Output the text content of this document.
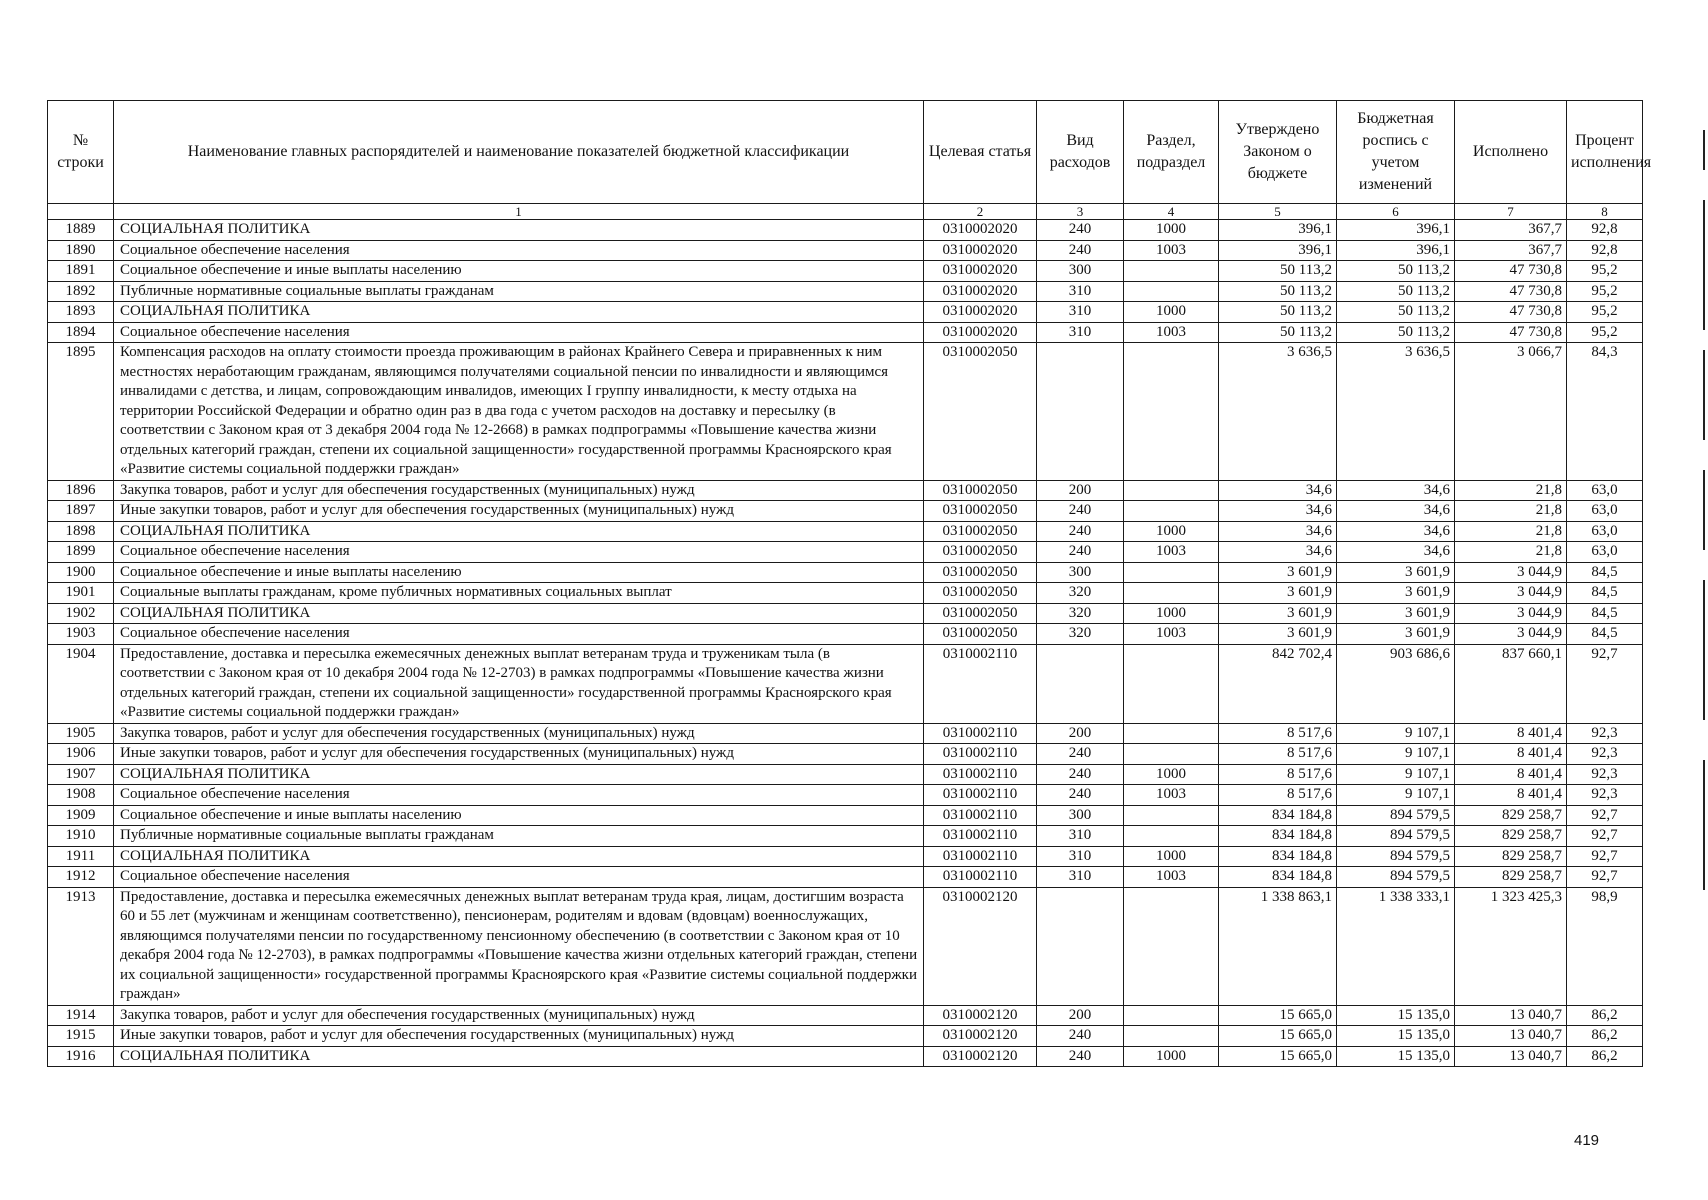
№ строки	Наименование главных распорядителей и наименование показателей бюджетной классификации	Целевая статья	Вид расходов	Раздел, подраздел	Утверждено Законом о бюджете	Бюджетная роспись с учетом изменений	Исполнено	Процент исполнения
	1	2	3	4	5	6	7	8
1889	СОЦИАЛЬНАЯ ПОЛИТИКА	0310002020	240	1000	396,1	396,1	367,7	92,8
1890	Социальное обеспечение населения	0310002020	240	1003	396,1	396,1	367,7	92,8
1891	Социальное обеспечение и иные выплаты населению	0310002020	300		50 113,2	50 113,2	47 730,8	95,2
1892	Публичные нормативные социальные выплаты гражданам	0310002020	310		50 113,2	50 113,2	47 730,8	95,2
1893	СОЦИАЛЬНАЯ ПОЛИТИКА	0310002020	310	1000	50 113,2	50 113,2	47 730,8	95,2
1894	Социальное обеспечение населения	0310002020	310	1003	50 113,2	50 113,2	47 730,8	95,2
1895	Компенсация расходов на оплату стоимости проезда проживающим в районах Крайнего Севера и приравненных к ним местностях неработающим гражданам, являющимся получателями социальной пенсии по инвалидности и являющимся инвалидами с детства, и лицам, сопровождающим инвалидов, имеющих I группу инвалидности, к месту отдыха на территории Российской Федерации и обратно один раз в два года с учетом расходов на доставку и пересылку (в соответствии с Законом края от 3 декабря 2004 года № 12-2668) в рамках подпрограммы «Повышение качества жизни отдельных категорий граждан, степени их социальной защищенности» государственной программы Красноярского края «Развитие системы социальной поддержки граждан»	0310002050			3 636,5	3 636,5	3 066,7	84,3
1896	Закупка товаров, работ и услуг для обеспечения государственных (муниципальных) нужд	0310002050	200		34,6	34,6	21,8	63,0
1897	Иные закупки товаров, работ и услуг для обеспечения государственных (муниципальных) нужд	0310002050	240		34,6	34,6	21,8	63,0
1898	СОЦИАЛЬНАЯ ПОЛИТИКА	0310002050	240	1000	34,6	34,6	21,8	63,0
1899	Социальное обеспечение населения	0310002050	240	1003	34,6	34,6	21,8	63,0
1900	Социальное обеспечение и иные выплаты населению	0310002050	300		3 601,9	3 601,9	3 044,9	84,5
1901	Социальные выплаты гражданам, кроме публичных нормативных социальных выплат	0310002050	320		3 601,9	3 601,9	3 044,9	84,5
1902	СОЦИАЛЬНАЯ ПОЛИТИКА	0310002050	320	1000	3 601,9	3 601,9	3 044,9	84,5
1903	Социальное обеспечение населения	0310002050	320	1003	3 601,9	3 601,9	3 044,9	84,5
1904	Предоставление, доставка и пересылка ежемесячных денежных выплат ветеранам труда и труженикам тыла (в соответствии с Законом края от 10 декабря 2004 года № 12-2703) в рамках подпрограммы «Повышение качества жизни отдельных категорий граждан, степени их социальной защищенности» государственной программы Красноярского края «Развитие системы социальной поддержки граждан»	0310002110			842 702,4	903 686,6	837 660,1	92,7
1905	Закупка товаров, работ и услуг для обеспечения государственных (муниципальных) нужд	0310002110	200		8 517,6	9 107,1	8 401,4	92,3
1906	Иные закупки товаров, работ и услуг для обеспечения государственных (муниципальных) нужд	0310002110	240		8 517,6	9 107,1	8 401,4	92,3
1907	СОЦИАЛЬНАЯ ПОЛИТИКА	0310002110	240	1000	8 517,6	9 107,1	8 401,4	92,3
1908	Социальное обеспечение населения	0310002110	240	1003	8 517,6	9 107,1	8 401,4	92,3
1909	Социальное обеспечение и иные выплаты населению	0310002110	300		834 184,8	894 579,5	829 258,7	92,7
1910	Публичные нормативные социальные выплаты гражданам	0310002110	310		834 184,8	894 579,5	829 258,7	92,7
1911	СОЦИАЛЬНАЯ ПОЛИТИКА	0310002110	310	1000	834 184,8	894 579,5	829 258,7	92,7
1912	Социальное обеспечение населения	0310002110	310	1003	834 184,8	894 579,5	829 258,7	92,7
1913	Предоставление, доставка и пересылка ежемесячных денежных выплат ветеранам труда края, лицам, достигшим возраста 60 и 55 лет (мужчинам и женщинам соответственно), пенсионерам, родителям и вдовам (вдовцам) военнослужащих, являющимся получателями пенсии по государственному пенсионному обеспечению (в соответствии с Законом края от 10 декабря 2004 года № 12-2703), в рамках подпрограммы «Повышение качества жизни отдельных категорий граждан, степени их социальной защищенности» государственной программы Красноярского края «Развитие системы социальной поддержки граждан»	0310002120			1 338 863,1	1 338 333,1	1 323 425,3	98,9
1914	Закупка товаров, работ и услуг для обеспечения государственных (муниципальных) нужд	0310002120	200		15 665,0	15 135,0	13 040,7	86,2
1915	Иные закупки товаров, работ и услуг для обеспечения государственных (муниципальных) нужд	0310002120	240		15 665,0	15 135,0	13 040,7	86,2
1916	СОЦИАЛЬНАЯ ПОЛИТИКА	0310002120	240	1000	15 665,0	15 135,0	13 040,7	86,2
419
